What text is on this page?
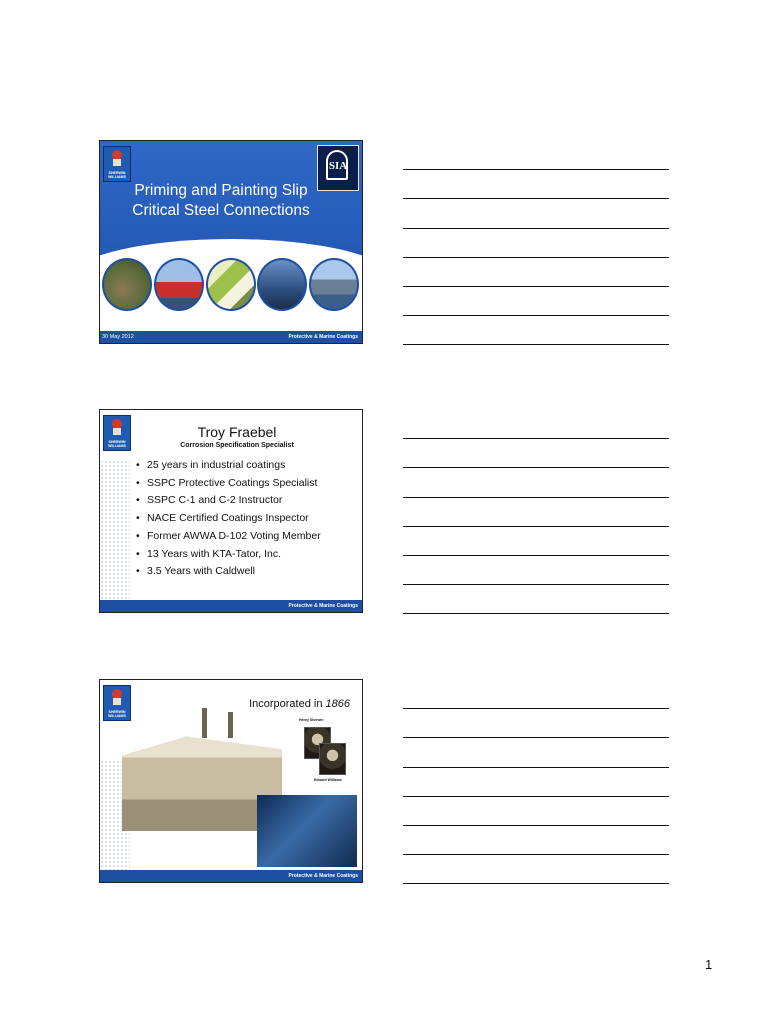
SHERWIN WILLIAMS
Priming and Painting Slip
Critical Steel Connections
SIA
30 May 2012	Protective & Marine Coatings
SHERWIN WILLIAMS
Troy Fraebel
Corrosion Specification Specialist
• 25 years in industrial coatings
• SSPC Protective Coatings Specialist
• SSPC C-1 and C-2 Instructor
• NACE Certified Coatings Inspector
• Former AWWA D-102 Voting Member
• 13 Years with KTA-Tator, Inc.
• 3.5 Years with Caldwell
Protective & Marine Coatings
SHERWIN WILLIAMS
Incorporated in 1866
Henry Sherwin
Edward Williams
Protective & Marine Coatings
1
